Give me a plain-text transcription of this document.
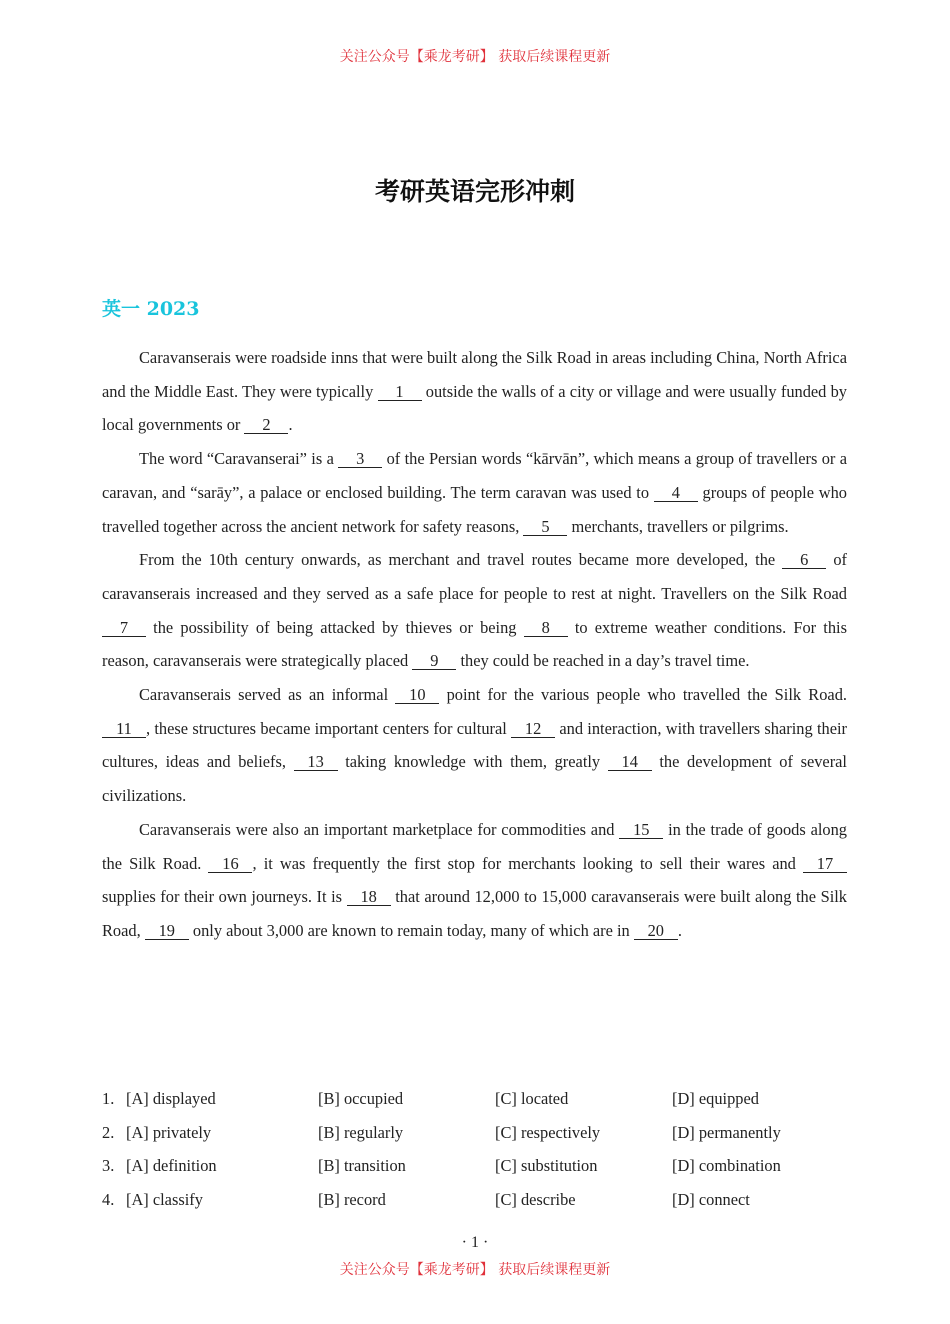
关注公众号【乘龙考研】 获取后续课程更新
考研英语完形冲刺
英一 2023

Caravanserais were roadside inns that were built along the Silk Road in areas including China, North Africa and the Middle East. They were typically 1 outside the walls of a city or village and were usually funded by local governments or 2 .

The word “Caravanserai” is a 3 of the Persian words “kārvān”, which means a group of travellers or a caravan, and “sarāy”, a palace or enclosed building. The term caravan was used to 4 groups of people who travelled together across the ancient network for safety reasons, 5 merchants, travellers or pilgrims.

From the 10th century onwards, as merchant and travel routes became more developed, the 6 of caravanserais increased and they served as a safe place for people to rest at night. Travellers on the Silk Road 7 the possibility of being attacked by thieves or being 8 to extreme weather conditions. For this reason, caravanserais were strategically placed 9 they could be reached in a day’s travel time.

Caravanserais served as an informal 10 point for the various people who travelled the Silk Road. 11 , these structures became important centers for cultural 12 and interaction, with travellers sharing their cultures, ideas and beliefs, 13 taking knowledge with them, greatly 14 the development of several civilizations.

Caravanserais were also an important marketplace for commodities and 15 in the trade of goods along the Silk Road. 16 , it was frequently the first stop for merchants looking to sell their wares and 17 supplies for their own journeys. It is 18 that around 12,000 to 15,000 caravanserais were built along the Silk Road, 19 only about 3,000 are known to remain today, many of which are in 20 .

1. [A] displayed	[B] occupied	[C] located	[D] equipped
2. [A] privately	[B] regularly	[C] respectively	[D] permanently
3. [A] definition	[B] transition	[C] substitution	[D] combination
4. [A] classify	[B] record	[C] describe	[D] connect
· 1 ·
关注公众号【乘龙考研】 获取后续课程更新
